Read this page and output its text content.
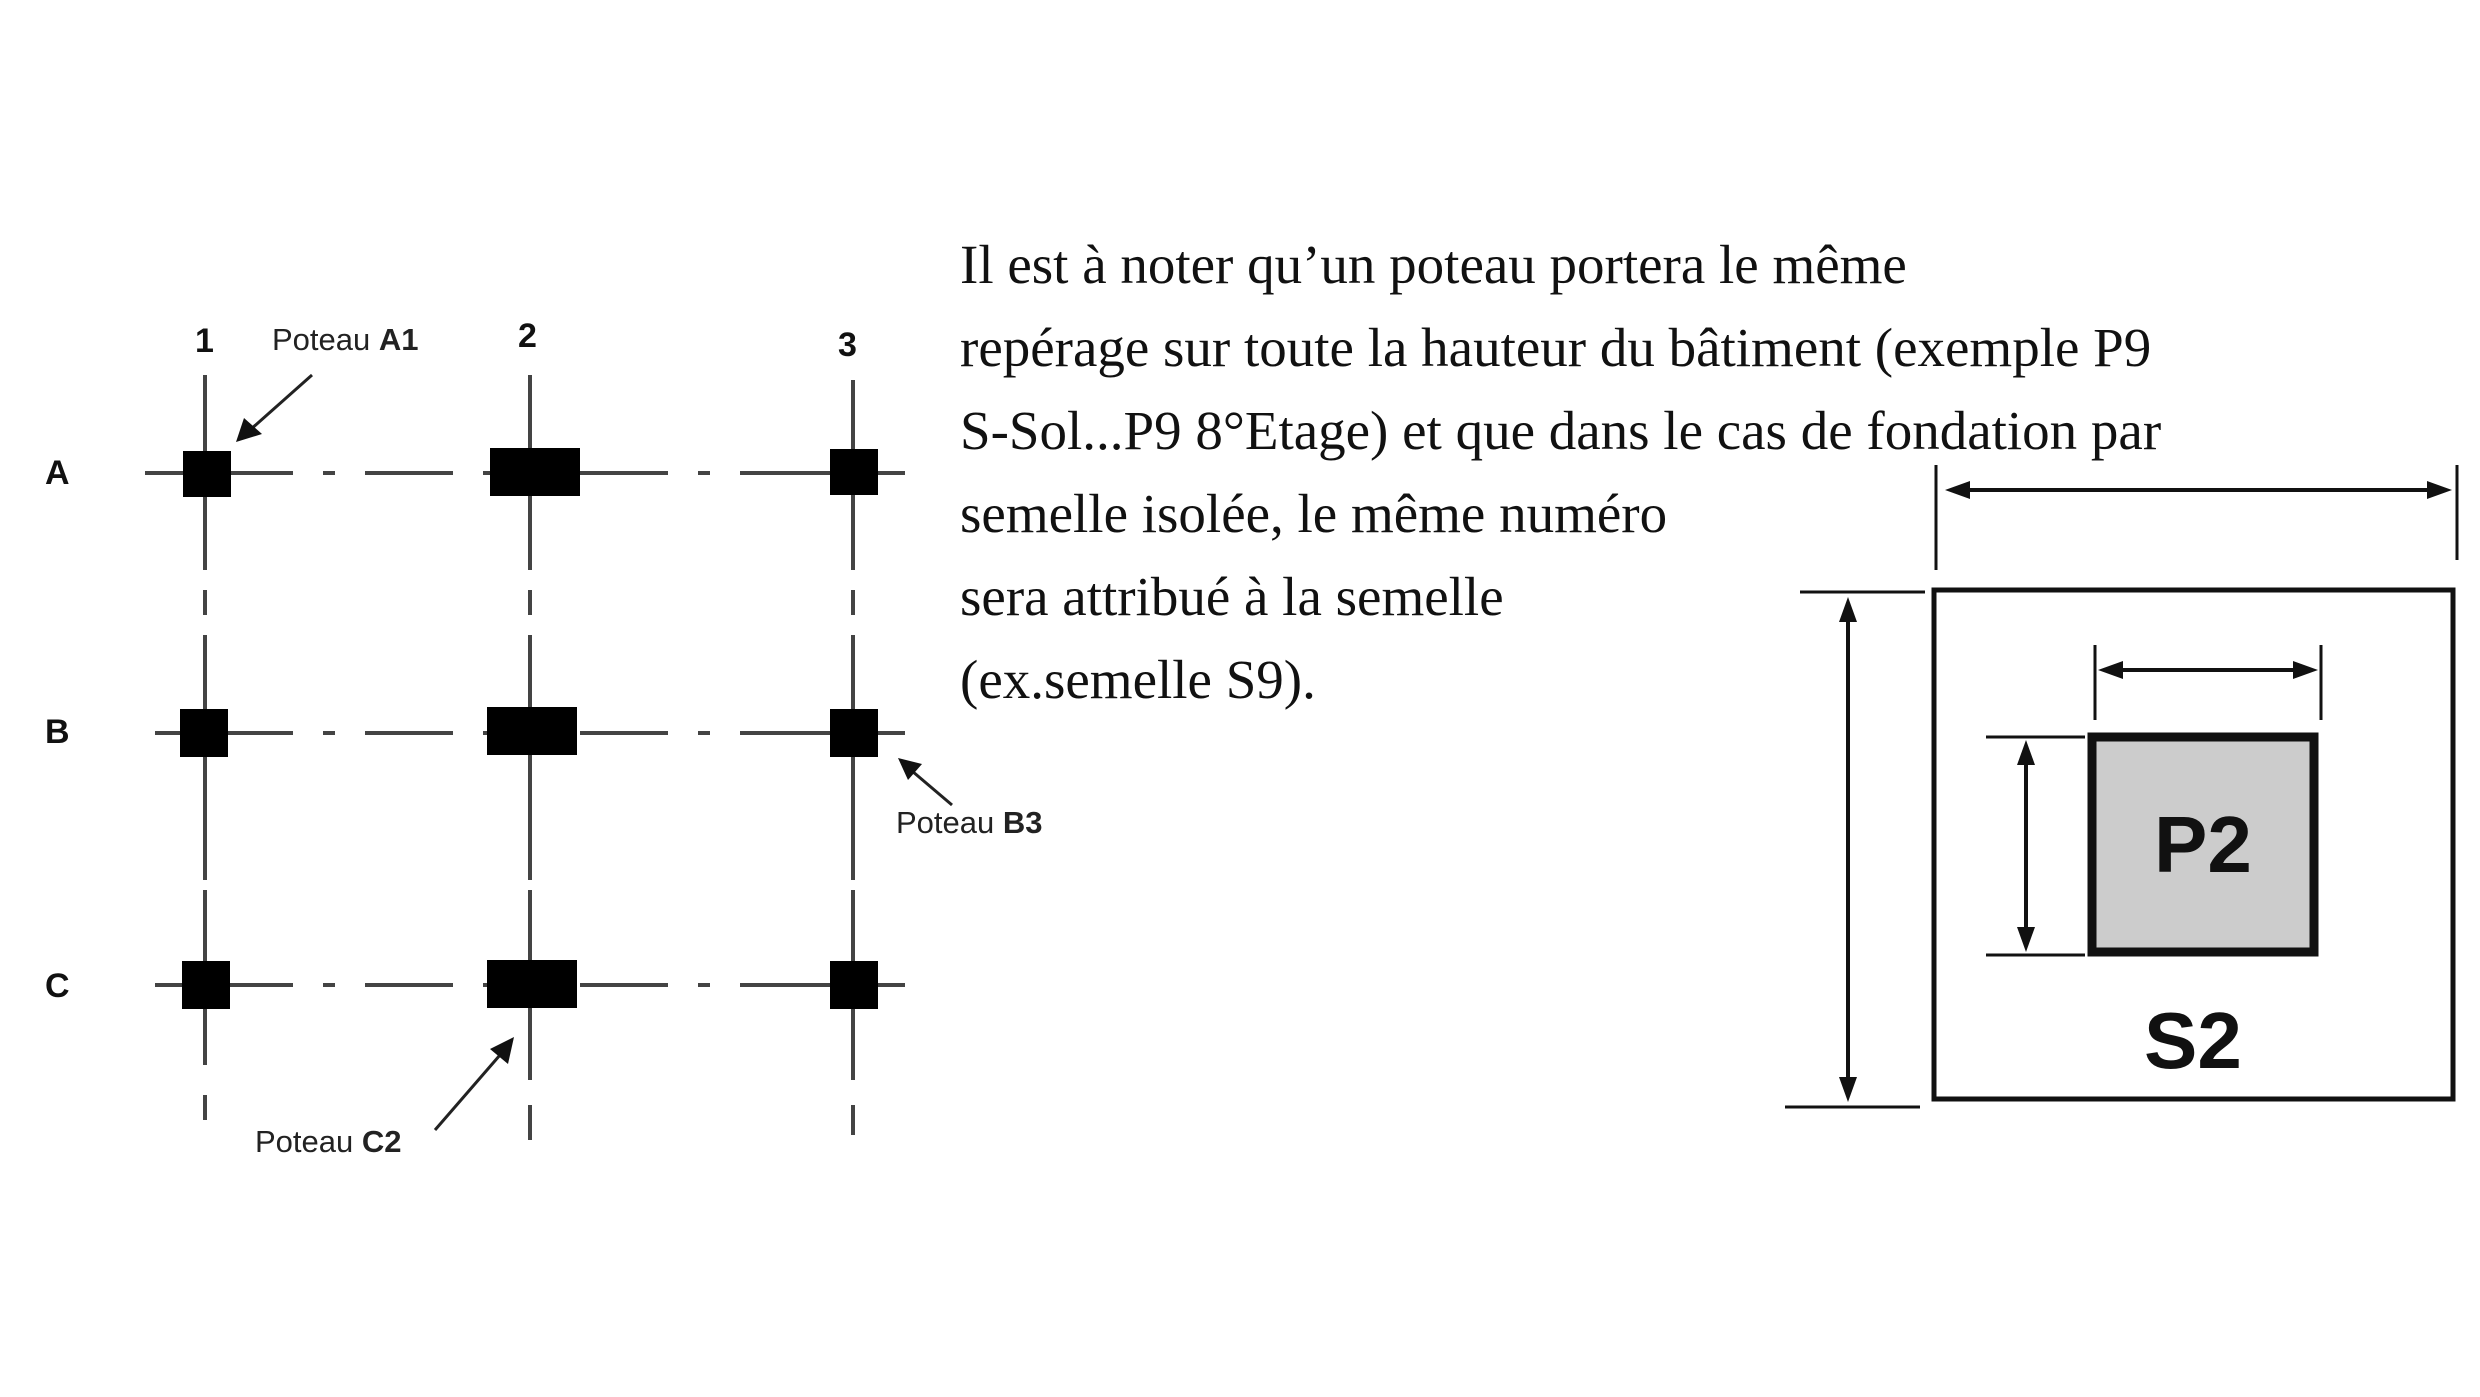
1	2	3
A
B
C
Poteau A1
Poteau B3
Poteau C2
Il est à noter qu’un poteau portera le même
repérage sur toute la hauteur du bâtiment (exemple P9
S-Sol...P9 8°Etage) et que dans le cas de fondation par
semelle isolée, le même numéro
sera attribué à la semelle
(ex.semelle S9).
P2
S2
